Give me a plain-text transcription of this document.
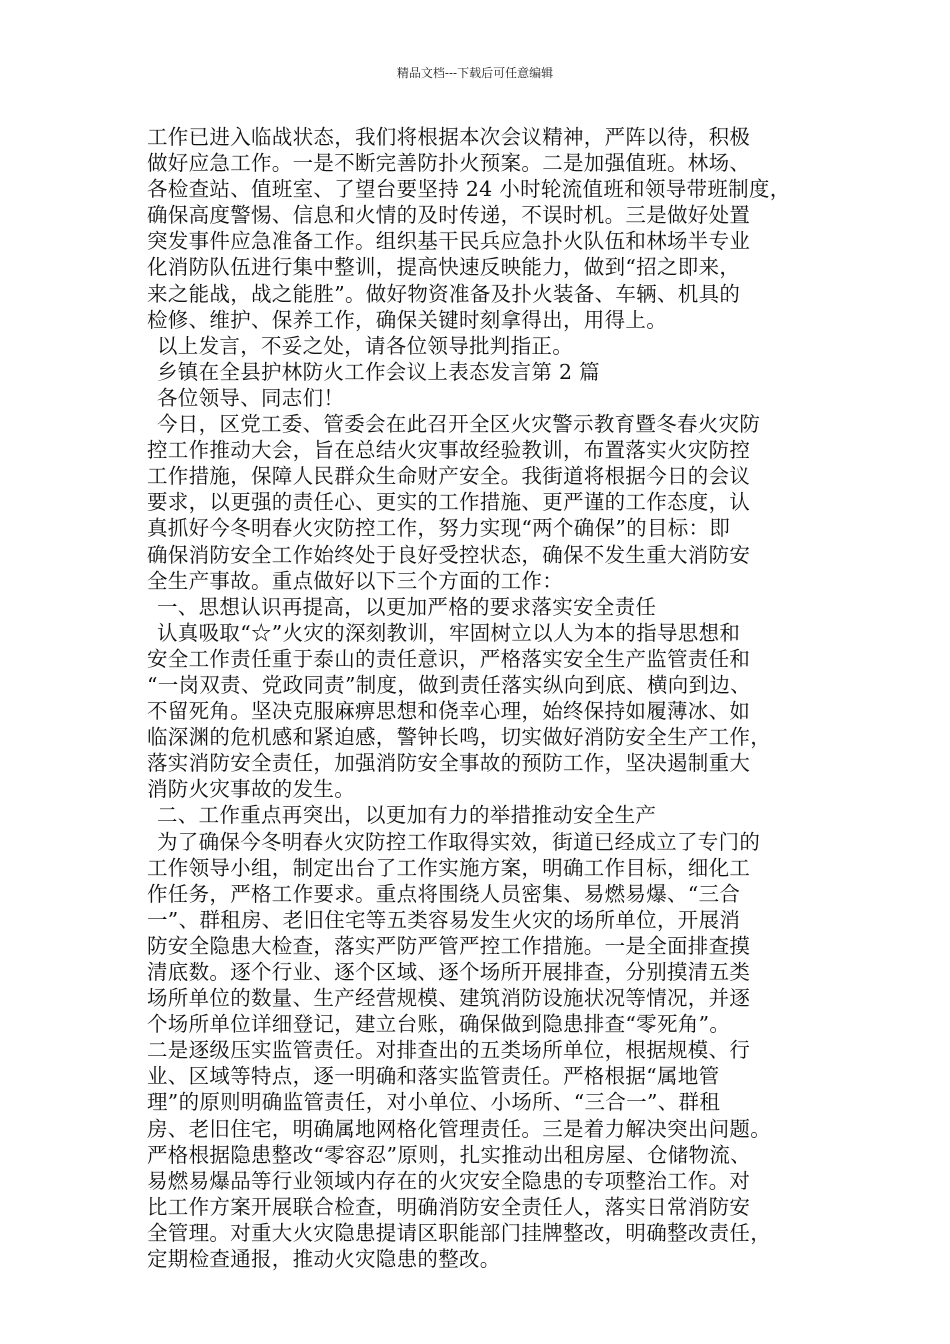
精品文档---下载后可任意编辑
工作已进入临战状态，我们将根据本次会议精神，严阵以待，积极
做好应急工作。一是不断完善防扑火预案。二是加强值班。林场、
各检查站、值班室、了望台要坚持 24 小时轮流值班和领导带班制度，
确保高度警惕、信息和火情的及时传递，不误时机。三是做好处置
突发事件应急准备工作。组织基干民兵应急扑火队伍和林场半专业
化消防队伍进行集中整训，提高快速反映能力，做到“招之即来，
来之能战，战之能胜”。做好物资准备及扑火装备、车辆、机具的
检修、维护、保养工作，确保关键时刻拿得出，用得上。
以上发言，不妥之处，请各位领导批判指正。
乡镇在全县护林防火工作会议上表态发言第 2 篇
各位领导、同志们！
今日，区党工委、管委会在此召开全区火灾警示教育暨冬春火灾防
控工作推动大会，旨在总结火灾事故经验教训，布置落实火灾防控
工作措施，保障人民群众生命财产安全。我街道将根据今日的会议
要求，以更强的责任心、更实的工作措施、更严谨的工作态度，认
真抓好今冬明春火灾防控工作，努力实现“两个确保”的目标：即
确保消防安全工作始终处于良好受控状态，确保不发生重大消防安
全生产事故。重点做好以下三个方面的工作：
一、思想认识再提高，以更加严格的要求落实安全责任
认真吸取“☆”火灾的深刻教训，牢固树立以人为本的指导思想和
安全工作责任重于泰山的责任意识，严格落实安全生产监管责任和
“一岗双责、党政同责”制度，做到责任落实纵向到底、横向到边、
不留死角。坚决克服麻痹思想和侥幸心理，始终保持如履薄冰、如
临深渊的危机感和紧迫感，警钟长鸣，切实做好消防安全生产工作，
落实消防安全责任，加强消防安全事故的预防工作，坚决遏制重大
消防火灾事故的发生。
二、工作重点再突出，以更加有力的举措推动安全生产
为了确保今冬明春火灾防控工作取得实效，街道已经成立了专门的
工作领导小组，制定出台了工作实施方案，明确工作目标，细化工
作任务，严格工作要求。重点将围绕人员密集、易燃易爆、“三合
一”、群租房、老旧住宅等五类容易发生火灾的场所单位，开展消
防安全隐患大检查，落实严防严管严控工作措施。一是全面排查摸
清底数。逐个行业、逐个区域、逐个场所开展排查，分别摸清五类
场所单位的数量、生产经营规模、建筑消防设施状况等情况，并逐
个场所单位详细登记，建立台账，确保做到隐患排查“零死角”。
二是逐级压实监管责任。对排查出的五类场所单位，根据规模、行
业、区域等特点，逐一明确和落实监管责任。严格根据“属地管
理”的原则明确监管责任，对小单位、小场所、“三合一”、群租
房、老旧住宅，明确属地网格化管理责任。三是着力解决突出问题。
严格根据隐患整改“零容忍”原则，扎实推动出租房屋、仓储物流、
易燃易爆品等行业领域内存在的火灾安全隐患的专项整治工作。对
比工作方案开展联合检查，明确消防安全责任人，落实日常消防安
全管理。对重大火灾隐患提请区职能部门挂牌整改，明确整改责任，
定期检查通报，推动火灾隐患的整改。
